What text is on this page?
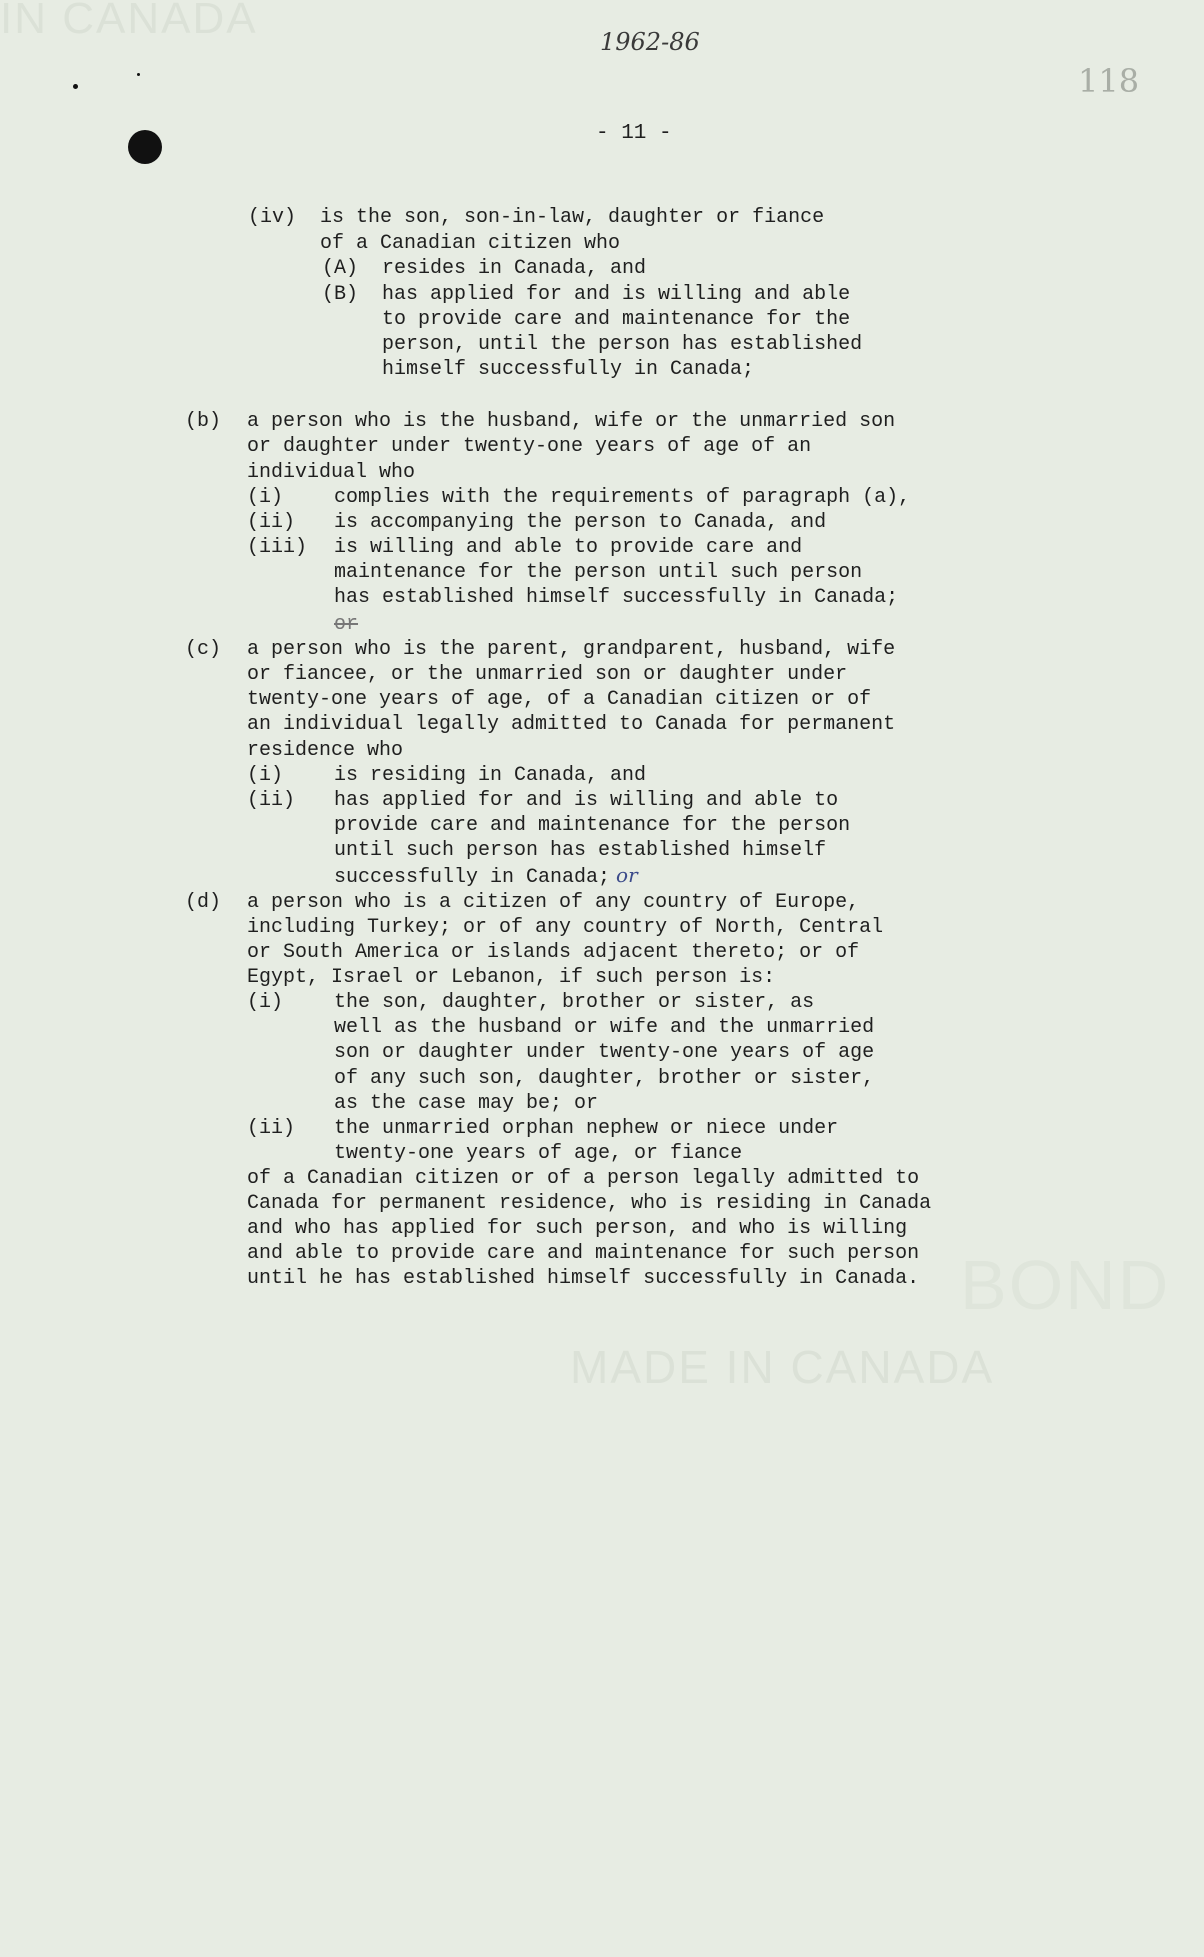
IN CANADA
BOND
MADE IN CANADA
1962-86
118
- 11 -
(iv) is the son, son-in-law, daughter or fiance
of a Canadian citizen who
(A) resides in Canada, and
(B) has applied for and is willing and able
to provide care and maintenance for the
person, until the person has established
himself successfully in Canada;
(b) a person who is the husband, wife or the unmarried son
or daughter under twenty-one years of age of an
individual who
(i)	complies with the requirements of paragraph (a),
(ii) is accompanying the person to Canada, and
(iii) is willing and able to provide care and
maintenance for the person until such person
has established himself successfully in Canada;
or
(c) a person who is the parent, grandparent, husband, wife
or fiancee, or the unmarried son or daughter under
twenty-one years of age, of a Canadian citizen or of
an individual legally admitted to Canada for permanent
residence who
(i)	is residing in Canada, and
(ii) has applied for and is willing and able to
provide care and maintenance for the person
until such person has established himself
successfully in Canada; or
(d) a person who is a citizen of any country of Europe,
including Turkey; or of any country of North, Central
or South America or islands adjacent thereto; or of
Egypt, Israel or Lebanon, if such person is:
(i)	the son, daughter, brother or sister, as
well as the husband or wife and the unmarried
son or daughter under twenty-one years of age
of any such son, daughter, brother or sister,
as the case may be; or
(ii) the unmarried orphan nephew or niece under
twenty-one years of age, or fiance
of a Canadian citizen or of a person legally admitted to
Canada for permanent residence, who is residing in Canada
and who has applied for such person, and who is willing
and able to provide care and maintenance for such person
until he has established himself successfully in Canada.
